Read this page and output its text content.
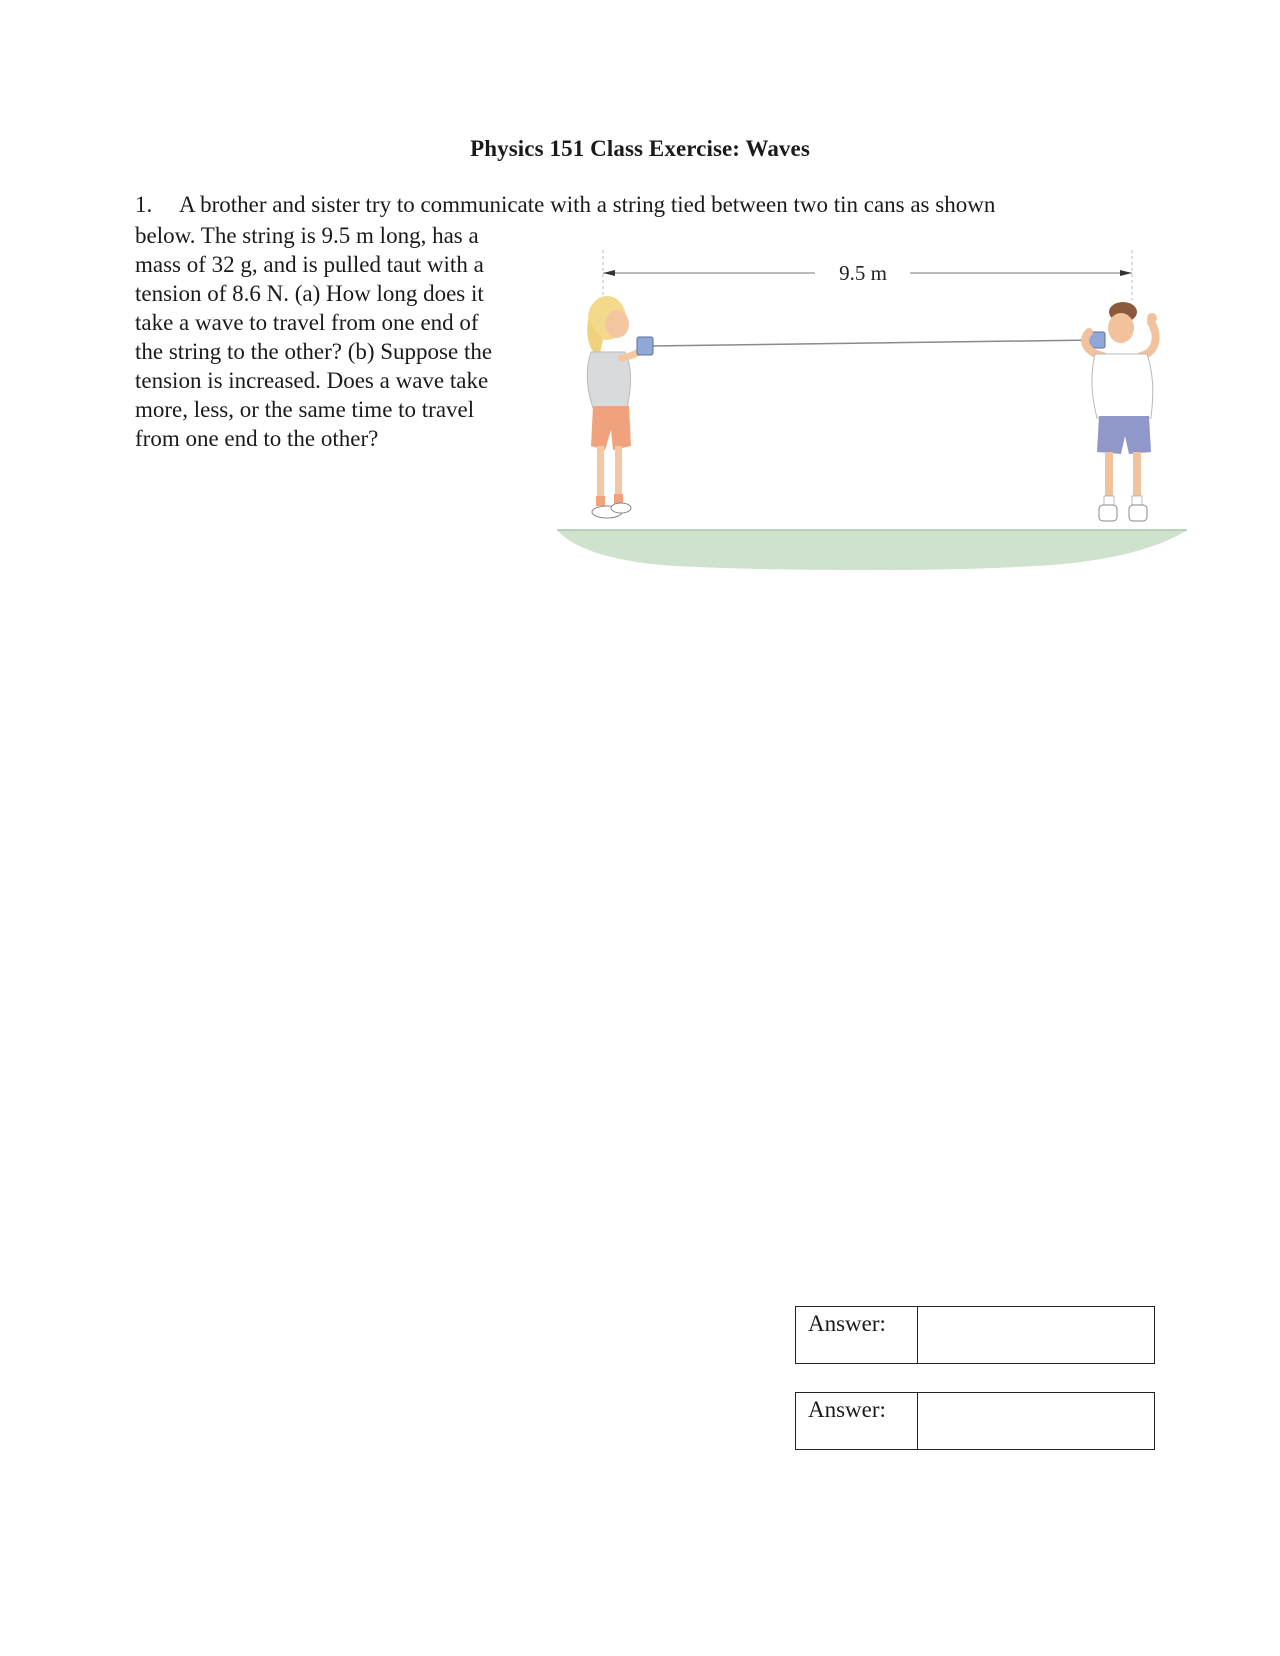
Physics 151 Class Exercise: Waves
1. A brother and sister try to communicate with a string tied between two tin cans as shown
below. The string is 9.5 m long, has a
mass of 32 g, and is pulled taut with a
tension of 8.6 N. (a) How long does it
take a wave to travel from one end of
the string to the other? (b) Suppose the
tension is increased. Does a wave take
more, less, or the same time to travel
from one end to the other?
9.5 m
Answer:
Answer:
